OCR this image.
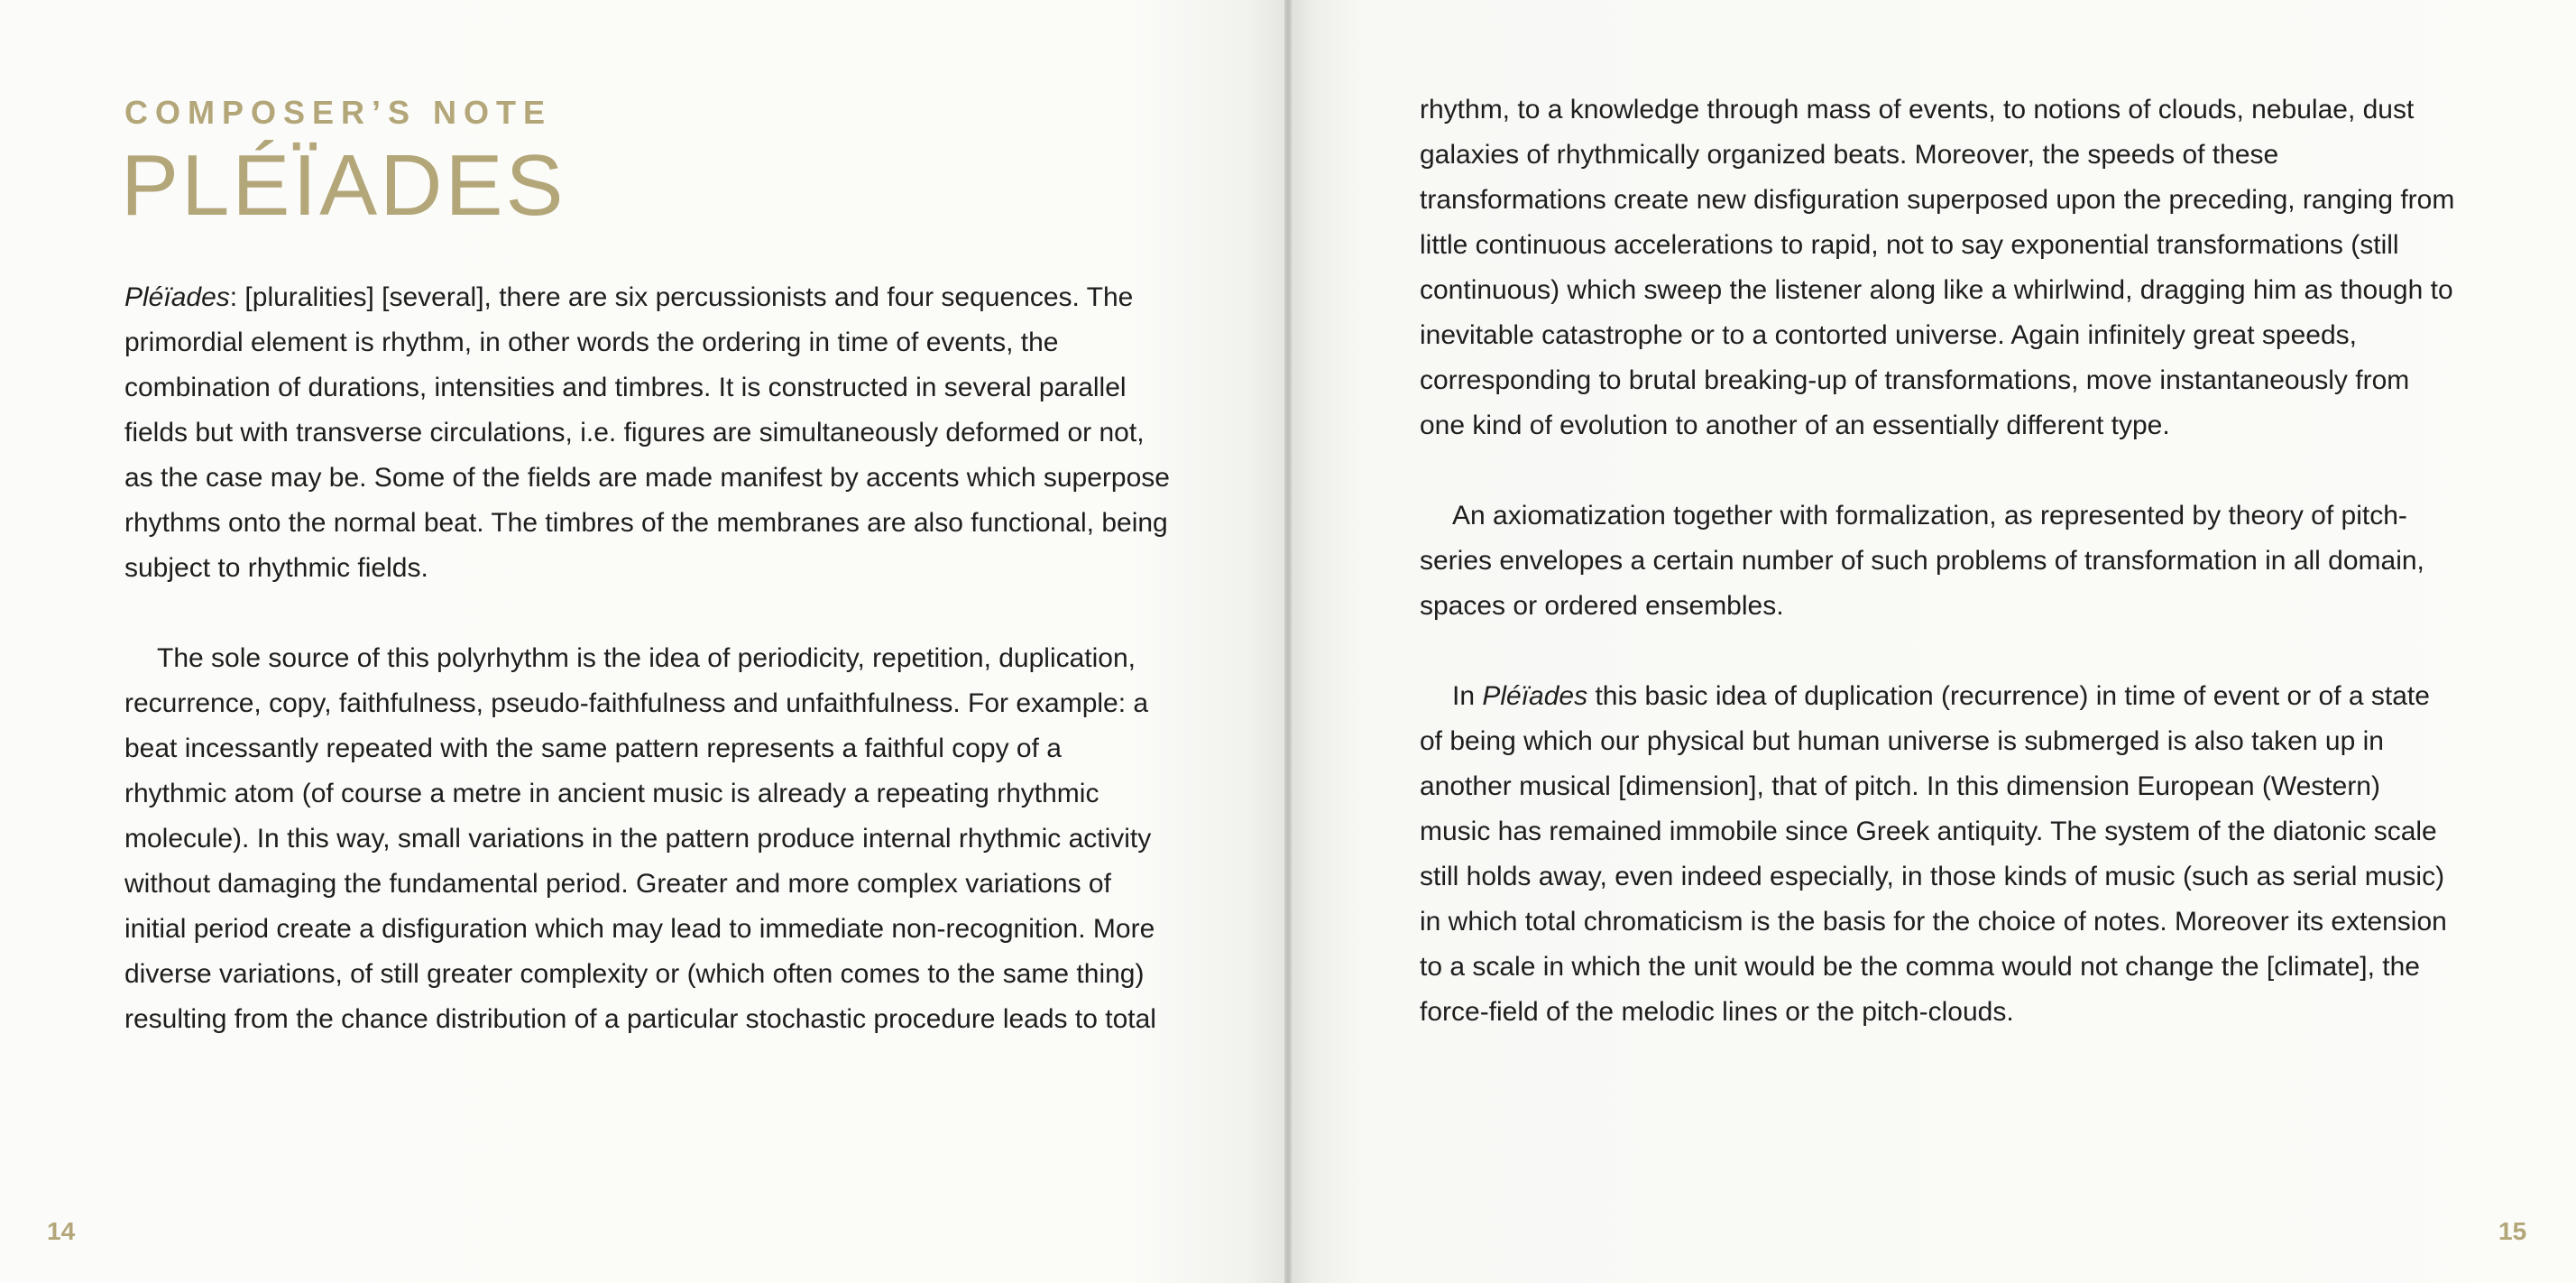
COMPOSER’S NOTE

PLÉÏADES

Pléïades: [pluralities] [several], there are six percussionists and four sequences. The primordial element is rhythm, in other words the ordering in time of events, the combination of durations, intensities and timbres. It is constructed in several parallel fields but with transverse circulations, i.e. figures are simultaneously deformed or not, as the case may be. Some of the fields are made manifest by accents which superpose rhythms onto the normal beat. The timbres of the membranes are also functional, being subject to rhythmic fields.

The sole source of this polyrhythm is the idea of periodicity, repetition, duplication, recurrence, copy, faithfulness, pseudo-faithfulness and unfaithfulness. For example: a beat incessantly repeated with the same pattern represents a faithful copy of a rhythmic atom (of course a metre in ancient music is already a repeating rhythmic molecule). In this way, small variations in the pattern produce internal rhythmic activity without damaging the fundamental period. Greater and more complex variations of initial period create a disfiguration which may lead to immediate non-recognition. More diverse variations, of still greater complexity or (which often comes to the same thing) resulting from the chance distribution of a particular stochastic procedure leads to total

14

rhythm, to a knowledge through mass of events, to notions of clouds, nebulae, dust galaxies of rhythmically organized beats. Moreover, the speeds of these transformations create new disfiguration superposed upon the preceding, ranging from little continuous accelerations to rapid, not to say exponential transformations (still continuous) which sweep the listener along like a whirlwind, dragging him as though to inevitable catastrophe or to a contorted universe. Again infinitely great speeds, corresponding to brutal breaking-up of transformations, move instantaneously from one kind of evolution to another of an essentially different type.

An axiomatization together with formalization, as represented by theory of pitch-series envelopes a certain number of such problems of transformation in all domain, spaces or ordered ensembles.

In Pléïades this basic idea of duplication (recurrence) in time of event or of a state of being which our physical but human universe is submerged is also taken up in another musical [dimension], that of pitch. In this dimension European (Western) music has remained immobile since Greek antiquity. The system of the diatonic scale still holds away, even indeed especially, in those kinds of music (such as serial music) in which total chromaticism is the basis for the choice of notes. Moreover its extension to a scale in which the unit would be the comma would not change the [climate], the force-field of the melodic lines or the pitch-clouds.

15
